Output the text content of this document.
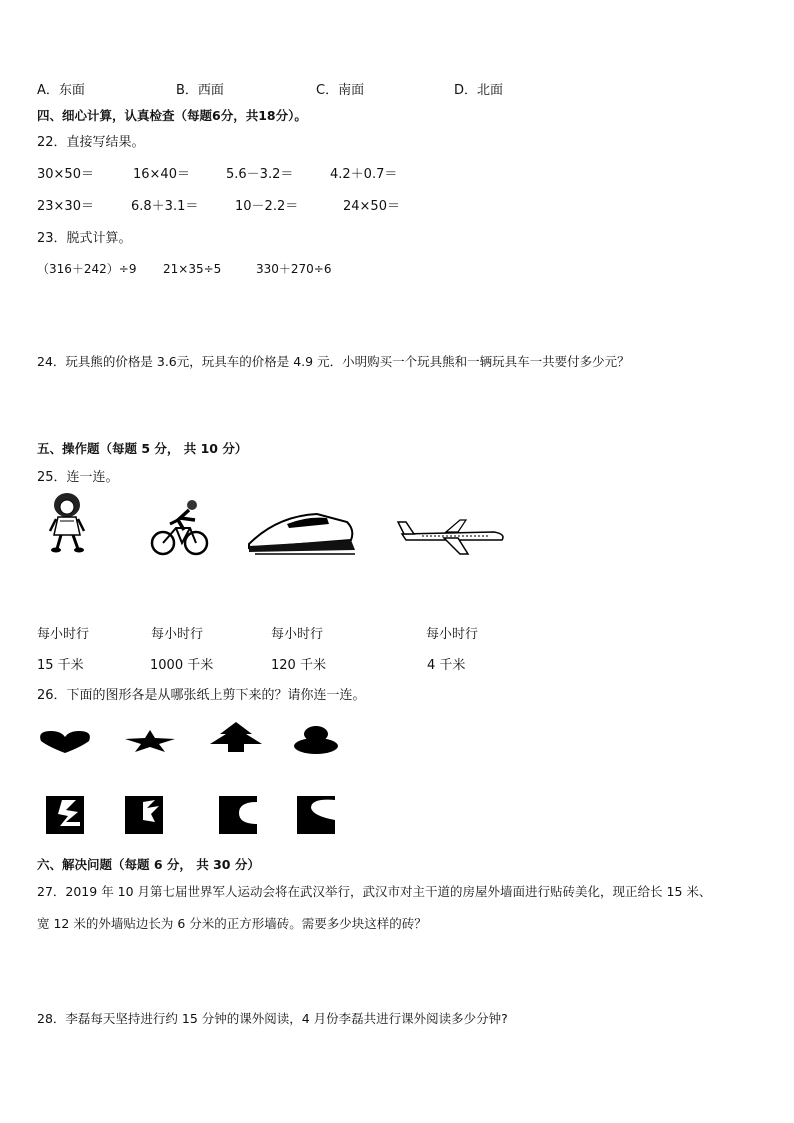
A．东面	B．西面	C．南面	D．北面
四、细心计算，认真检查（每题6分，共18分）。
22．直接写结果。
30×50＝	16×40＝	5.6－3.2＝	4.2＋0.7＝
23×30＝	6.8＋3.1＝	10－2.2＝	24×50＝
23．脱式计算。
（316＋242）÷9 21×35÷5	330＋270÷6
24．玩具熊的价格是 3.6元，玩具车的价格是 4.9 元．小明购买一个玩具熊和一辆玩具车一共要付多少元？
五、操作题（每题 5 分， 共 10 分）
25．连一连。
每小时行	每小时行	每小时行	每小时行
15 千米	1000 千米	120 千米	4 千米
26．下面的图形各是从哪张纸上剪下来的？请你连一连。
六、解决问题（每题 6 分， 共 30 分）
27．2019 年 10 月第七届世界军人运动会将在武汉举行，武汉市对主干道的房屋外墙面进行贴砖美化，现正给长 15 米、
宽 12 米的外墙贴边长为 6 分米的正方形墙砖。需要多少块这样的砖？
28．李磊每天坚持进行约 15 分钟的课外阅读，4 月份李磊共进行课外阅读多少分钟?
